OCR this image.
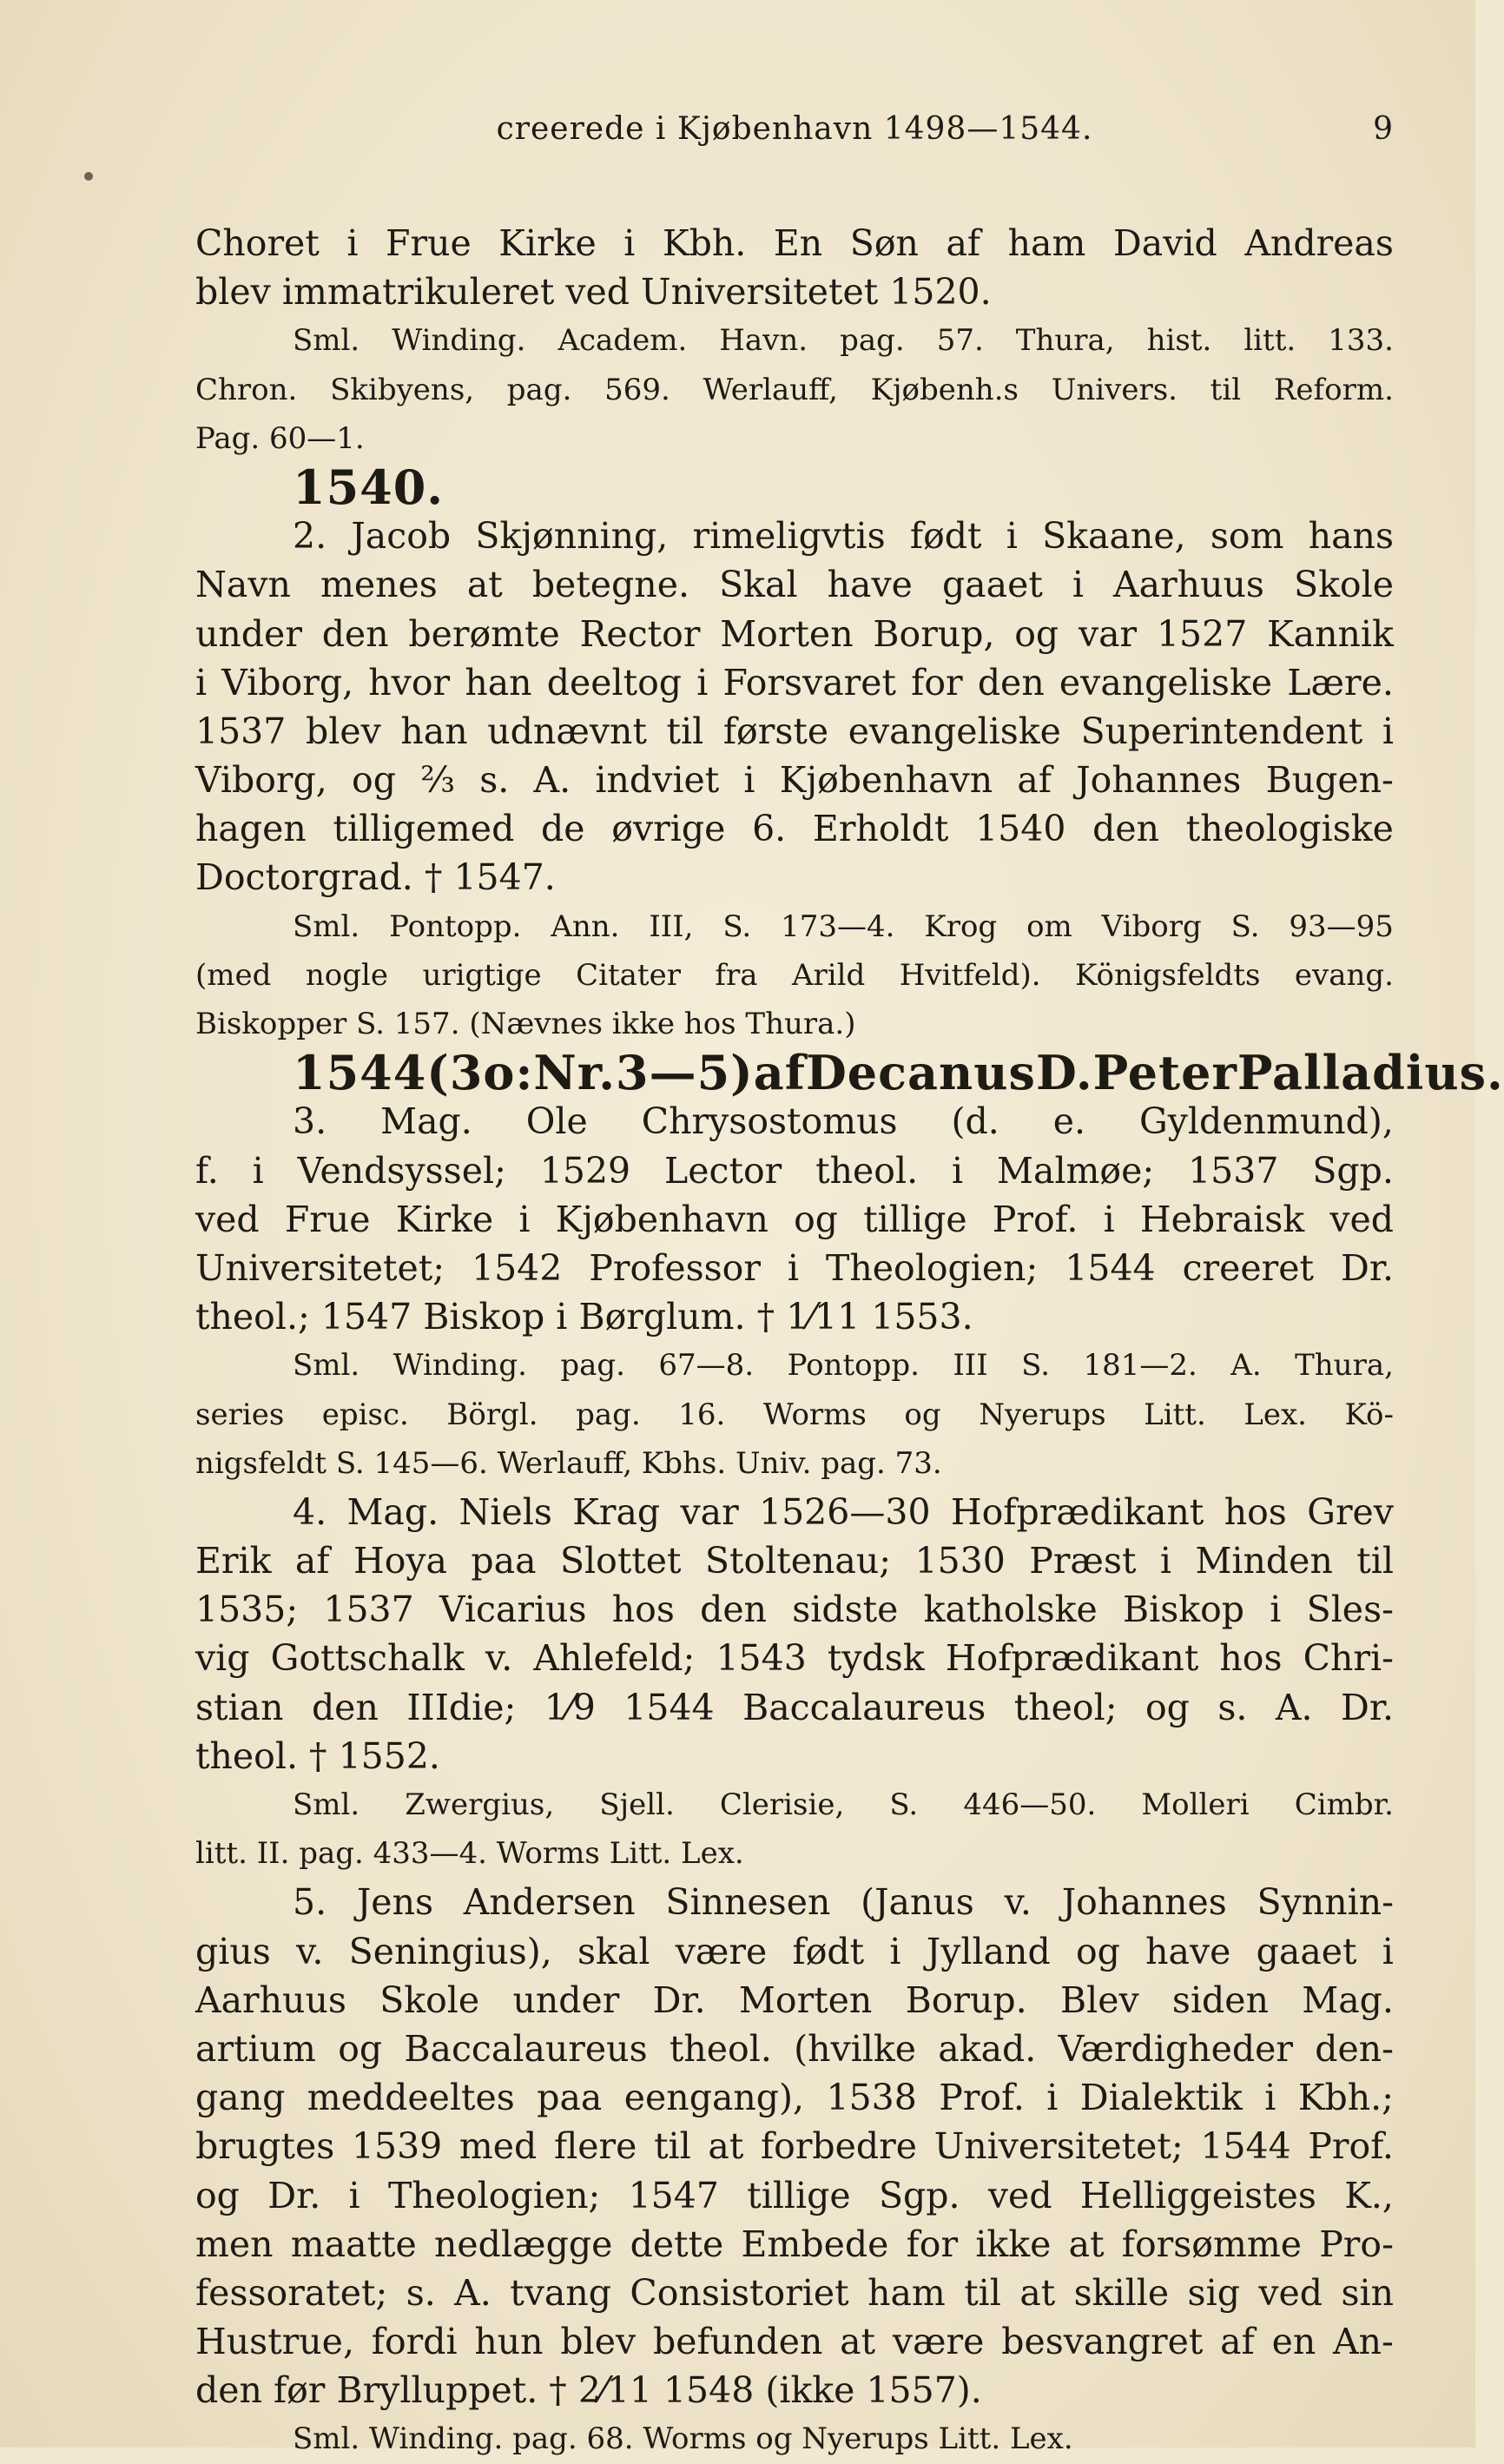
creerede i Kjøbenhavn 1498—1544.	9
Choret i Frue Kirke i Kbh. En Søn af ham David Andreas
blev immatrikuleret ved Universitetet 1520.
Sml. Winding. Academ. Havn. pag. 57. Thura, hist. litt. 133.
Chron. Skibyens, pag. 569. Werlauff, Kjøbenh.s Univers. til Reform.
Pag. 60—1.
1540.
2. Jacob Skjønning, rimeligvtis født i Skaane, som hans
Navn menes at betegne. Skal have gaaet i Aarhuus Skole
under den berømte Rector Morten Borup, og var 1527 Kannik
i Viborg, hvor han deeltog i Forsvaret for den evangeliske Lære.
1537 blev han udnævnt til første evangeliske Superintendent i
Viborg, og ⅔ s. A. indviet i Kjøbenhavn af Johannes Bugen-
hagen tilligemed de øvrige 6. Erholdt 1540 den theologiske
Doctorgrad. † 1547.
Sml. Pontopp. Ann. III, S. 173—4. Krog om Viborg S. 93—95
(med nogle urigtige Citater fra Arild Hvitfeld). Königsfeldts evang.
Biskopper S. 157. (Nævnes ikke hos Thura.)
1544 (3 o: Nr. 3—5) af Decanus D. Peter Palladius.
3. Mag. Ole Chrysostomus (d. e. Gyldenmund),
f. i Vendsyssel; 1529 Lector theol. i Malmøe; 1537 Sgp.
ved Frue Kirke i Kjøbenhavn og tillige Prof. i Hebraisk ved
Universitetet; 1542 Professor i Theologien; 1544 creeret Dr.
theol.; 1547 Biskop i Børglum. † 1⁄11 1553.
Sml. Winding. pag. 67—8. Pontopp. III S. 181—2. A. Thura,
series episc. Börgl. pag. 16. Worms og Nyerups Litt. Lex. Kö-
nigsfeldt S. 145—6. Werlauff, Kbhs. Univ. pag. 73.
4. Mag. Niels Krag var 1526—30 Hofprædikant hos Grev
Erik af Hoya paa Slottet Stoltenau; 1530 Præst i Minden til
1535; 1537 Vicarius hos den sidste katholske Biskop i Sles-
vig Gottschalk v. Ahlefeld; 1543 tydsk Hofprædikant hos Chri-
stian den IIIdie; 1⁄9 1544 Baccalaureus theol; og s. A. Dr.
theol. † 1552.
Sml. Zwergius, Sjell. Clerisie, S. 446—50. Molleri Cimbr.
litt. II. pag. 433—4. Worms Litt. Lex.
5. Jens Andersen Sinnesen (Janus v. Johannes Synnin-
gius v. Seningius), skal være født i Jylland og have gaaet i
Aarhuus Skole under Dr. Morten Borup. Blev siden Mag.
artium og Baccalaureus theol. (hvilke akad. Værdigheder den-
gang meddeeltes paa eengang), 1538 Prof. i Dialektik i Kbh.;
brugtes 1539 med flere til at forbedre Universitetet; 1544 Prof.
og Dr. i Theologien; 1547 tillige Sgp. ved Helliggeistes K.,
men maatte nedlægge dette Embede for ikke at forsømme Pro-
fessoratet; s. A. tvang Consistoriet ham til at skille sig ved sin
Hustrue, fordi hun blev befunden at være besvangret af en An-
den før Brylluppet. † 2⁄11 1548 (ikke 1557).
Sml. Winding. pag. 68. Worms og Nyerups Litt. Lex.
